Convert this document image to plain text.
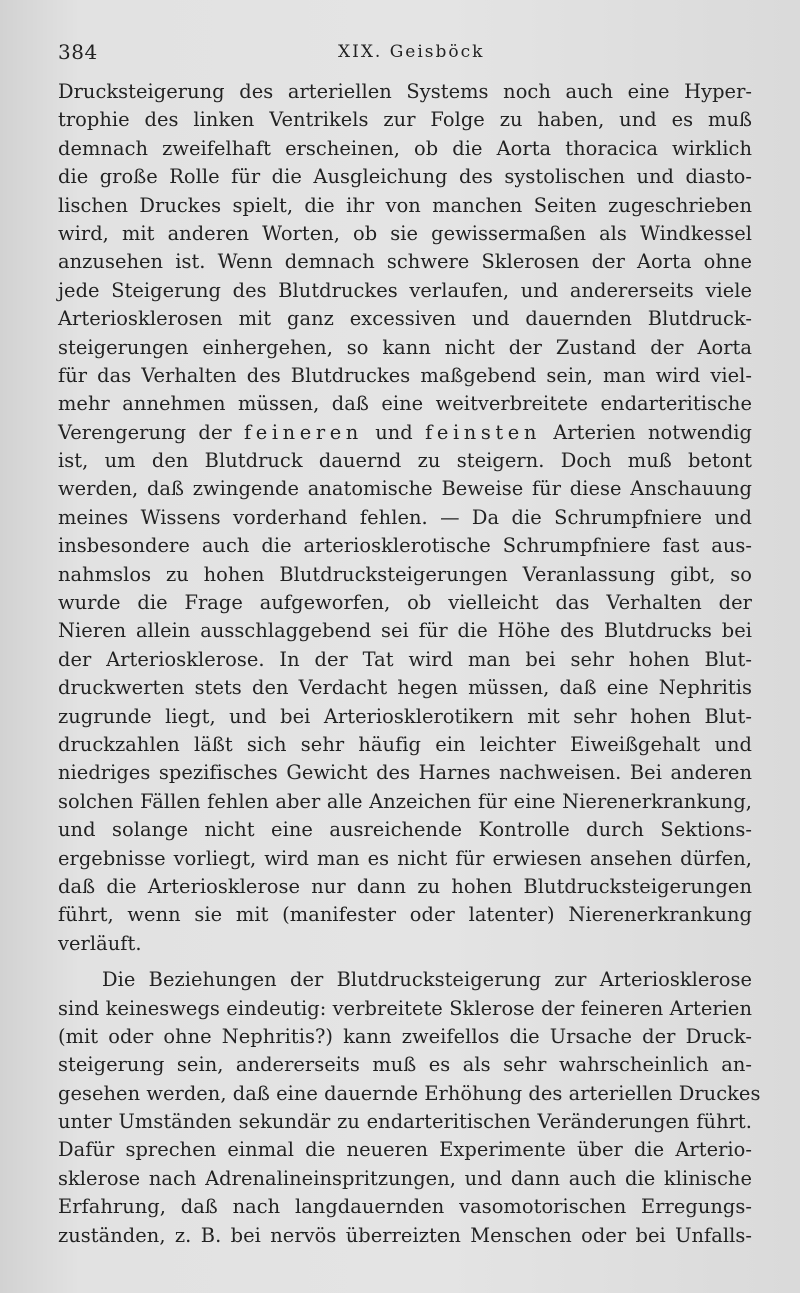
384	XIX. Geisböck
Drucksteigerung des arteriellen Systems noch auch eine Hyper-
trophie des linken Ventrikels zur Folge zu haben, und es muß
demnach zweifelhaft erscheinen, ob die Aorta thoracica wirklich
die große Rolle für die Ausgleichung des systolischen und diasto-
lischen Druckes spielt, die ihr von manchen Seiten zugeschrieben
wird, mit anderen Worten, ob sie gewissermaßen als Windkessel
anzusehen ist. Wenn demnach schwere Sklerosen der Aorta ohne
jede Steigerung des Blutdruckes verlaufen, und andererseits viele
Arteriosklerosen mit ganz excessiven und dauernden Blutdruck-
steigerungen einhergehen, so kann nicht der Zustand der Aorta
für das Verhalten des Blutdruckes maßgebend sein, man wird viel-
mehr annehmen müssen, daß eine weitverbreitete endarteritische
Verengerung der feineren und feinsten Arterien notwendig
ist, um den Blutdruck dauernd zu steigern. Doch muß betont
werden, daß zwingende anatomische Beweise für diese Anschauung
meines Wissens vorderhand fehlen. — Da die Schrumpfniere und
insbesondere auch die arteriosklerotische Schrumpfniere fast aus-
nahmslos zu hohen Blutdrucksteigerungen Veranlassung gibt, so
wurde die Frage aufgeworfen, ob vielleicht das Verhalten der
Nieren allein ausschlaggebend sei für die Höhe des Blutdrucks bei
der Arteriosklerose. In der Tat wird man bei sehr hohen Blut-
druckwerten stets den Verdacht hegen müssen, daß eine Nephritis
zugrunde liegt, und bei Arteriosklerotikern mit sehr hohen Blut-
druckzahlen läßt sich sehr häufig ein leichter Eiweißgehalt und
niedriges spezifisches Gewicht des Harnes nachweisen. Bei anderen
solchen Fällen fehlen aber alle Anzeichen für eine Nierenerkrankung,
und solange nicht eine ausreichende Kontrolle durch Sektions-
ergebnisse vorliegt, wird man es nicht für erwiesen ansehen dürfen,
daß die Arteriosklerose nur dann zu hohen Blutdrucksteigerungen
führt, wenn sie mit (manifester oder latenter) Nierenerkrankung
verläuft.
Die Beziehungen der Blutdrucksteigerung zur Arteriosklerose
sind keineswegs eindeutig: verbreitete Sklerose der feineren Arterien
(mit oder ohne Nephritis?) kann zweifellos die Ursache der Druck-
steigerung sein, andererseits muß es als sehr wahrscheinlich an-
gesehen werden, daß eine dauernde Erhöhung des arteriellen Druckes
unter Umständen sekundär zu endarteritischen Veränderungen führt.
Dafür sprechen einmal die neueren Experimente über die Arterio-
sklerose nach Adrenalineinspritzungen, und dann auch die klinische
Erfahrung, daß nach langdauernden vasomotorischen Erregungs-
zuständen, z. B. bei nervös überreizten Menschen oder bei Unfalls-
